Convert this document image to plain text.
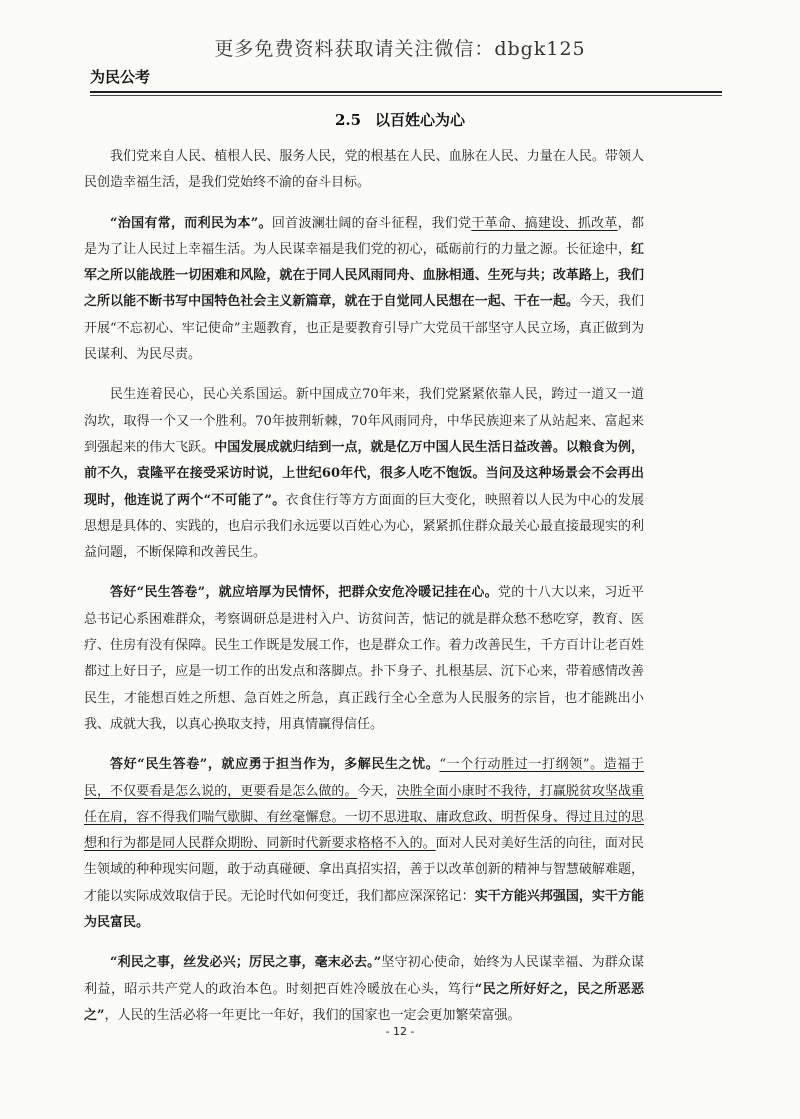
更多免费资料获取请关注微信：dbgk125
为民公考
2.5 以百姓心为心

我们党来自人民、植根人民、服务人民，党的根基在人民、血脉在人民、力量在人民。带领人民创造幸福生活，是我们党始终不渝的奋斗目标。

“治国有常，而利民为本”。回首波澜壮阔的奋斗征程，我们党干革命、搞建设、抓改革，都是为了让人民过上幸福生活。为人民谋幸福是我们党的初心，砥砺前行的力量之源。长征途中，红军之所以能战胜一切困难和风险，就在于同人民风雨同舟、血脉相通、生死与共；改革路上，我们之所以能不断书写中国特色社会主义新篇章，就在于自觉同人民想在一起、干在一起。今天，我们开展“不忘初心、牢记使命”主题教育，也正是要教育引导广大党员干部坚守人民立场，真正做到为民谋利、为民尽责。

民生连着民心，民心关系国运。新中国成立70年来，我们党紧紧依靠人民，跨过一道又一道沟坎，取得一个又一个胜利。70年披荆斩棘，70年风雨同舟，中华民族迎来了从站起来、富起来到强起来的伟大飞跃。中国发展成就归结到一点，就是亿万中国人民生活日益改善。以粮食为例，前不久，袁隆平在接受采访时说，上世纪60年代，很多人吃不饱饭。当问及这种场景会不会再出现时，他连说了两个“不可能了”。衣食住行等方方面面的巨大变化，映照着以人民为中心的发展思想是具体的、实践的，也启示我们永远要以百姓心为心，紧紧抓住群众最关心最直接最现实的利益问题，不断保障和改善民生。

答好“民生答卷”，就应培厚为民情怀，把群众安危冷暖记挂在心。党的十八大以来，习近平总书记心系困难群众，考察调研总是进村入户、访贫问苦，惦记的就是群众愁不愁吃穿，教育、医疗、住房有没有保障。民生工作既是发展工作，也是群众工作。着力改善民生，千方百计让老百姓都过上好日子，应是一切工作的出发点和落脚点。扑下身子、扎根基层、沉下心来，带着感情改善民生，才能想百姓之所想、急百姓之所急，真正践行全心全意为人民服务的宗旨，也才能跳出小我、成就大我，以真心换取支持，用真情赢得信任。

答好“民生答卷”，就应勇于担当作为，多解民生之忧。“一个行动胜过一打纲领”。造福于民，不仅要看是怎么说的，更要看是怎么做的。今天，决胜全面小康时不我待，打赢脱贫攻坚战重任在肩，容不得我们喘气歇脚、有丝毫懈怠。一切不思进取、庸政怠政、明哲保身、得过且过的思想和行为都是同人民群众期盼、同新时代新要求格格不入的。面对人民对美好生活的向往，面对民生领域的种种现实问题，敢于动真碰硬、拿出真招实招，善于以改革创新的精神与智慧破解难题，才能以实际成效取信于民。无论时代如何变迁，我们都应深深铭记：实干方能兴邦强国，实干方能为民富民。

“利民之事，丝发必兴；厉民之事，毫末必去。”坚守初心使命，始终为人民谋幸福、为群众谋利益，昭示共产党人的政治本色。时刻把百姓冷暖放在心头，笃行“民之所好好之，民之所恶恶之”，人民的生活必将一年更比一年好，我们的国家也一定会更加繁荣富强。

- 12 -
